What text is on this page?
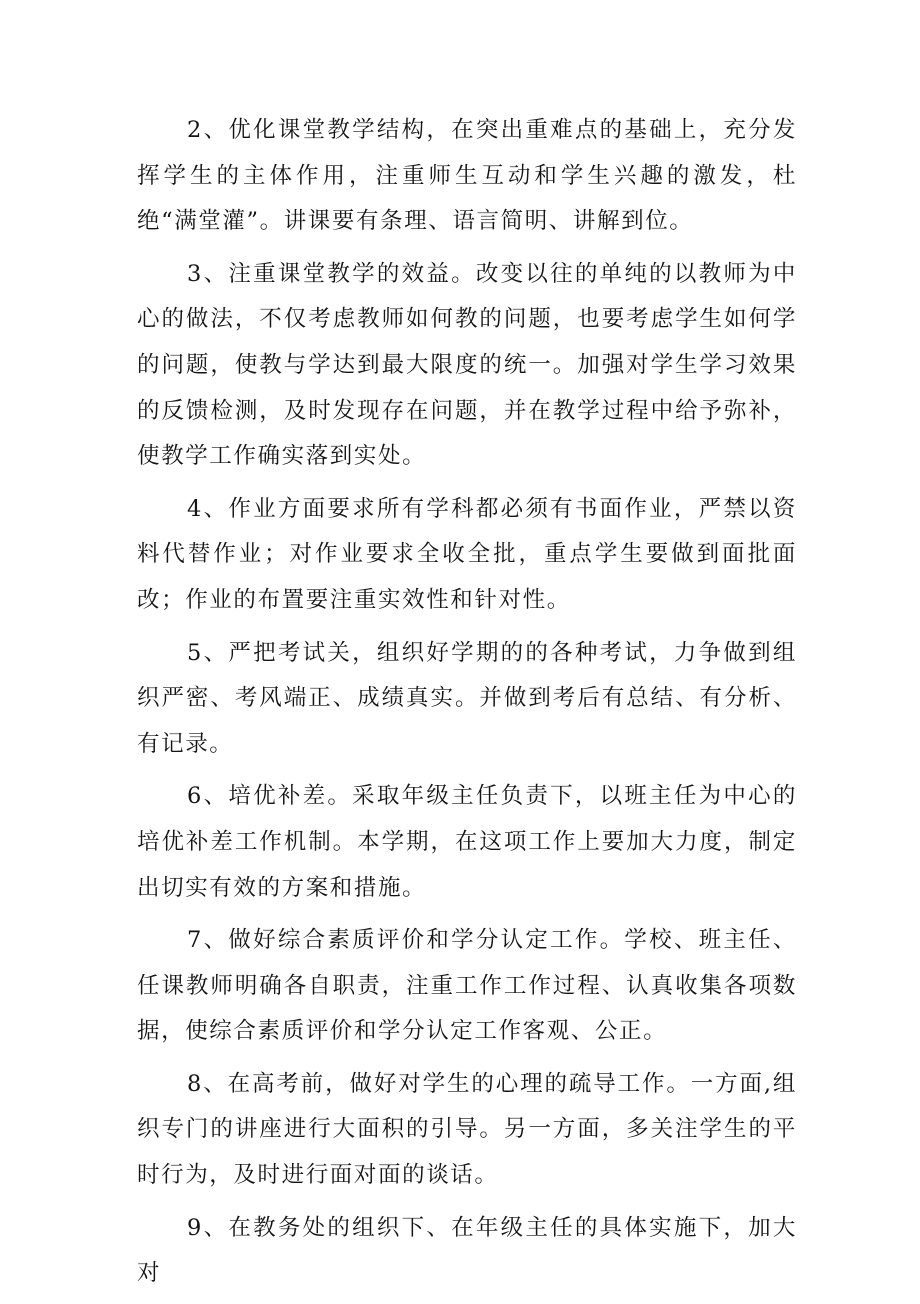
2、优化课堂教学结构，在突出重难点的基础上，充分发挥学生的主体作用，注重师生互动和学生兴趣的激发，杜绝“满堂灌”。讲课要有条理、语言简明、讲解到位。

3、注重课堂教学的效益。改变以往的单纯的以教师为中心的做法，不仅考虑教师如何教的问题，也要考虑学生如何学的问题，使教与学达到最大限度的统一。加强对学生学习效果的反馈检测，及时发现存在问题，并在教学过程中给予弥补，使教学工作确实落到实处。

4、作业方面要求所有学科都必须有书面作业，严禁以资料代替作业；对作业要求全收全批，重点学生要做到面批面改；作业的布置要注重实效性和针对性。

5、严把考试关，组织好学期的的各种考试，力争做到组织严密、考风端正、成绩真实。并做到考后有总结、有分析、有记录。

6、培优补差。采取年级主任负责下，以班主任为中心的培优补差工作机制。本学期，在这项工作上要加大力度，制定出切实有效的方案和措施。

7、做好综合素质评价和学分认定工作。学校、班主任、任课教师明确各自职责，注重工作工作过程、认真收集各项数据，使综合素质评价和学分认定工作客观、公正。

8、在高考前，做好对学生的心理的疏导工作。一方面,组织专门的讲座进行大面积的引导。另一方面，多关注学生的平时行为，及时进行面对面的谈话。

9、在教务处的组织下、在年级主任的具体实施下，加大对
